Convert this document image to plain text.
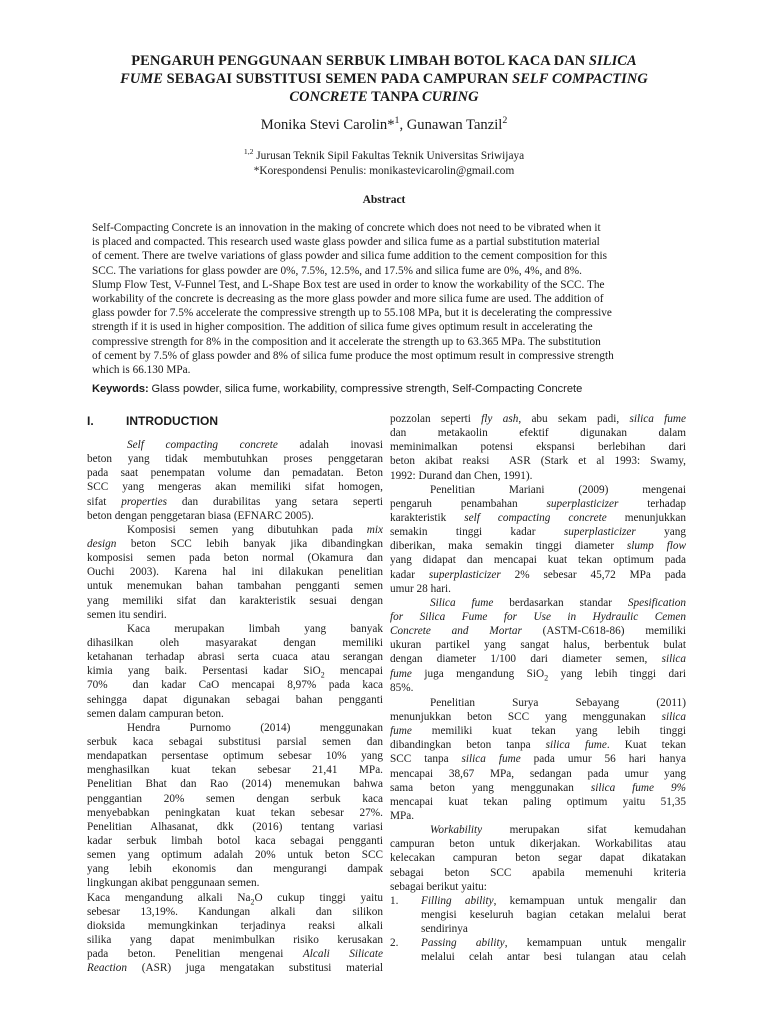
PENGARUH PENGGUNAAN SERBUK LIMBAH BOTOL KACA DAN SILICA
FUME SEBAGAI SUBSTITUSI SEMEN PADA CAMPURAN SELF COMPACTING
CONCRETE TANPA CURING
Monika Stevi Carolin*$^1$, Gunawan Tanzil$^2$
$^{1,2}$ Jurusan Teknik Sipil Fakultas Teknik Universitas Sriwijaya
*Korespondensi Penulis: monikastevicarolin@gmail.com
Abstract
Self-Compacting Concrete is an innovation in the making of concrete which does not need to be vibrated when it
is placed and compacted. This research used waste glass powder and silica fume as a partial substitution material
of cement. There are twelve variations of glass powder and silica fume addition to the cement composition for this
SCC. The variations for glass powder are 0%, 7.5%, 12.5%, and 17.5% and silica fume are 0%, 4%, and 8%.
Slump Flow Test, V-Funnel Test, and L-Shape Box test are used in order to know the workability of the SCC. The
workability of the concrete is decreasing as the more glass powder and more silica fume are used. The addition of
glass powder for 7.5% accelerate the compressive strength up to 55.108 MPa, but it is decelerating the compressive
strength if it is used in higher composition. The addition of silica fume gives optimum result in accelerating the
compressive strength for 8% in the composition and it accelerate the strength up to 63.365 MPa. The substitution
of cement by 7.5% of glass powder and 8% of silica fume produce the most optimum result in compressive strength
which is 66.130 MPa.
Keywords: Glass powder, silica fume, workability, compressive strength, Self-Compacting Concrete
I.	INTRODUCTION
Self compacting concrete adalah inovasi
beton yang tidak membutuhkan proses penggetaran
pada saat penempatan volume dan pemadatan. Beton
SCC yang mengeras akan memiliki sifat homogen,
sifat properties dan durabilitas yang setara seperti
beton dengan penggetaran biasa (EFNARC 2005).
Komposisi semen yang dibutuhkan pada mix
design beton SCC lebih banyak jika dibandingkan
komposisi semen pada beton normal (Okamura dan
Ouchi 2003). Karena hal ini dilakukan penelitian
untuk menemukan bahan tambahan pengganti semen
yang memiliki sifat dan karakteristik sesuai dengan
semen itu sendiri.
Kaca merupakan limbah yang banyak
dihasilkan oleh masyarakat dengan memiliki
ketahanan terhadap abrasi serta cuaca atau serangan
kimia yang baik. Persentasi kadar SiO$_2$ mencapai
70%  dan kadar CaO mencapai 8,97% pada kaca
sehingga dapat digunakan sebagai bahan pengganti
semen dalam campuran beton.
Hendra Purnomo (2014) menggunakan
serbuk kaca sebagai substitusi parsial semen dan
mendapatkan persentase optimum sebesar 10% yang
menghasilkan kuat tekan sebesar 21,41 MPa.
Penelitian Bhat dan Rao (2014) menemukan bahwa
penggantian 20% semen dengan serbuk kaca
menyebabkan peningkatan kuat tekan sebesar 27%.
Penelitian Alhasanat, dkk (2016) tentang variasi
kadar serbuk limbah botol kaca sebagai pengganti
semen yang optimum adalah 20% untuk beton SCC
yang lebih ekonomis dan mengurangi dampak
lingkungan akibat penggunaan semen.
Kaca mengandung alkali $Na_2O$ cukup tinggi yaitu
sebesar 13,19%. Kandungan alkali dan silikon
dioksida memungkinkan terjadinya reaksi alkali
silika yang dapat menimbulkan risiko kerusakan
pada beton. Penelitian mengenai Alcali Silicate
Reaction (ASR) juga mengatakan substitusi material
pozzolan seperti fly ash, abu sekam padi, silica fume
dan metakaolin efektif digunakan dalam
meminimalkan potensi ekspansi berlebihan dari
beton akibat reaksi  ASR (Stark et al 1993: Swamy,
1992: Durand dan Chen, 1991).
Penelitian Mariani (2009) mengenai
pengaruh penambahan superplasticizer terhadap
karakteristik self compacting concrete menunjukkan
semakin tinggi kadar superplasticizer yang
diberikan, maka semakin tinggi diameter slump flow
yang didapat dan mencapai kuat tekan optimum pada
kadar superplasticizer 2% sebesar 45,72 MPa pada
umur 28 hari.
Silica fume berdasarkan standar Spesification
for Silica Fume for Use in Hydraulic Cemen
Concrete and Mortar (ASTM-C618-86) memiliki
ukuran partikel yang sangat halus, berbentuk bulat
dengan diameter 1/100 dari diameter semen, silica
fume juga mengandung SiO$_2$ yang lebih tinggi dari
85%.
Penelitian Surya Sebayang (2011)
menunjukkan beton SCC yang menggunakan silica
fume memiliki kuat tekan yang lebih tinggi
dibandingkan beton tanpa silica fume. Kuat tekan
SCC tanpa silica fume pada umur 56 hari hanya
mencapai 38,67 MPa, sedangan pada umur yang
sama beton yang menggunakan silica fume 9%
mencapai kuat tekan paling optimum yaitu 51,35
MPa.
Workability merupakan sifat kemudahan
campuran beton untuk dikerjakan. Workabilitas atau
kelecakan campuran beton segar dapat dikatakan
sebagai beton SCC apabila memenuhi kriteria
sebagai berikut yaitu:
1.	Filling ability, kemampuan untuk mengalir dan
mengisi keseluruh bagian cetakan melalui berat
sendirinya
2.	Passing ability, kemampuan untuk mengalir
melalui celah antar besi tulangan atau celah
